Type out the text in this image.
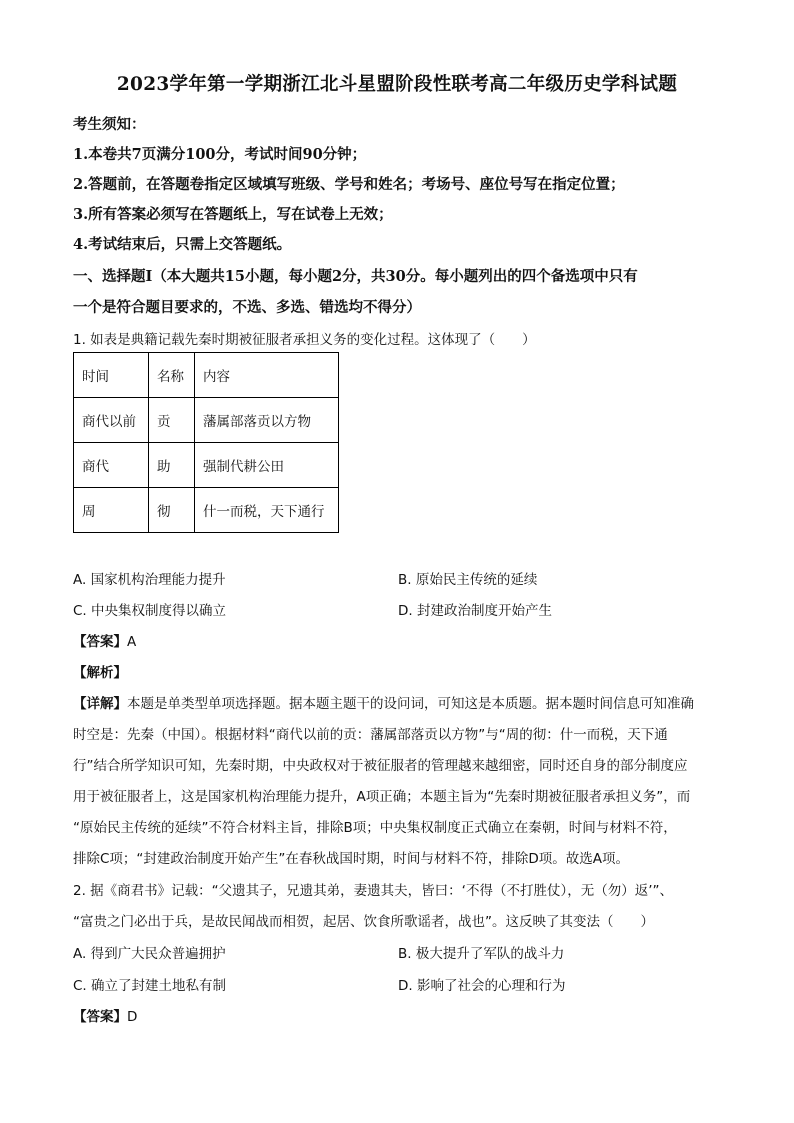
2023学年第一学期浙江北斗星盟阶段性联考高二年级历史学科试题
考生须知：
1.本卷共7页满分100分，考试时间90分钟；
2.答题前，在答题卷指定区域填写班级、学号和姓名；考场号、座位号写在指定位置；
3.所有答案必须写在答题纸上，写在试卷上无效；
4.考试结束后，只需上交答题纸。
一、选择题Ⅰ（本大题共15小题，每小题2分，共30分。每小题列出的四个备选项中只有
一个是符合题目要求的，不选、多选、错选均不得分）
1. 如表是典籍记载先秦时期被征服者承担义务的变化过程。这体现了（　　）
时间	名称	内容
商代以前	贡	藩属部落贡以方物
商代	助	强制代耕公田
周	彻	什一而税，天下通行
A. 国家机构治理能力提升	B. 原始民主传统的延续
C. 中央集权制度得以确立	D. 封建政治制度开始产生
【答案】A
【解析】
【详解】本题是单类型单项选择题。据本题主题干的设问词，可知这是本质题。据本题时间信息可知准确
时空是：先秦（中国）。根据材料“商代以前的贡：藩属部落贡以方物”与“周的彻：什一而税，天下通
行”结合所学知识可知，先秦时期，中央政权对于被征服者的管理越来越细密，同时还自身的部分制度应
用于被征服者上，这是国家机构治理能力提升，A项正确；本题主旨为“先秦时期被征服者承担义务”，而
“原始民主传统的延续”不符合材料主旨，排除B项；中央集权制度正式确立在秦朝，时间与材料不符，
排除C项；“封建政治制度开始产生”在春秋战国时期，时间与材料不符，排除D项。故选A项。
2. 据《商君书》记载：“父遗其子，兄遗其弟，妻遗其夫，皆曰：‘不得（不打胜仗），无（勿）返’”、
“富贵之门必出于兵，是故民闻战而相贺，起居、饮食所歌谣者，战也”。这反映了其变法（　　）
A. 得到广大民众普遍拥护	B. 极大提升了军队的战斗力
C. 确立了封建土地私有制	D. 影响了社会的心理和行为
【答案】D
